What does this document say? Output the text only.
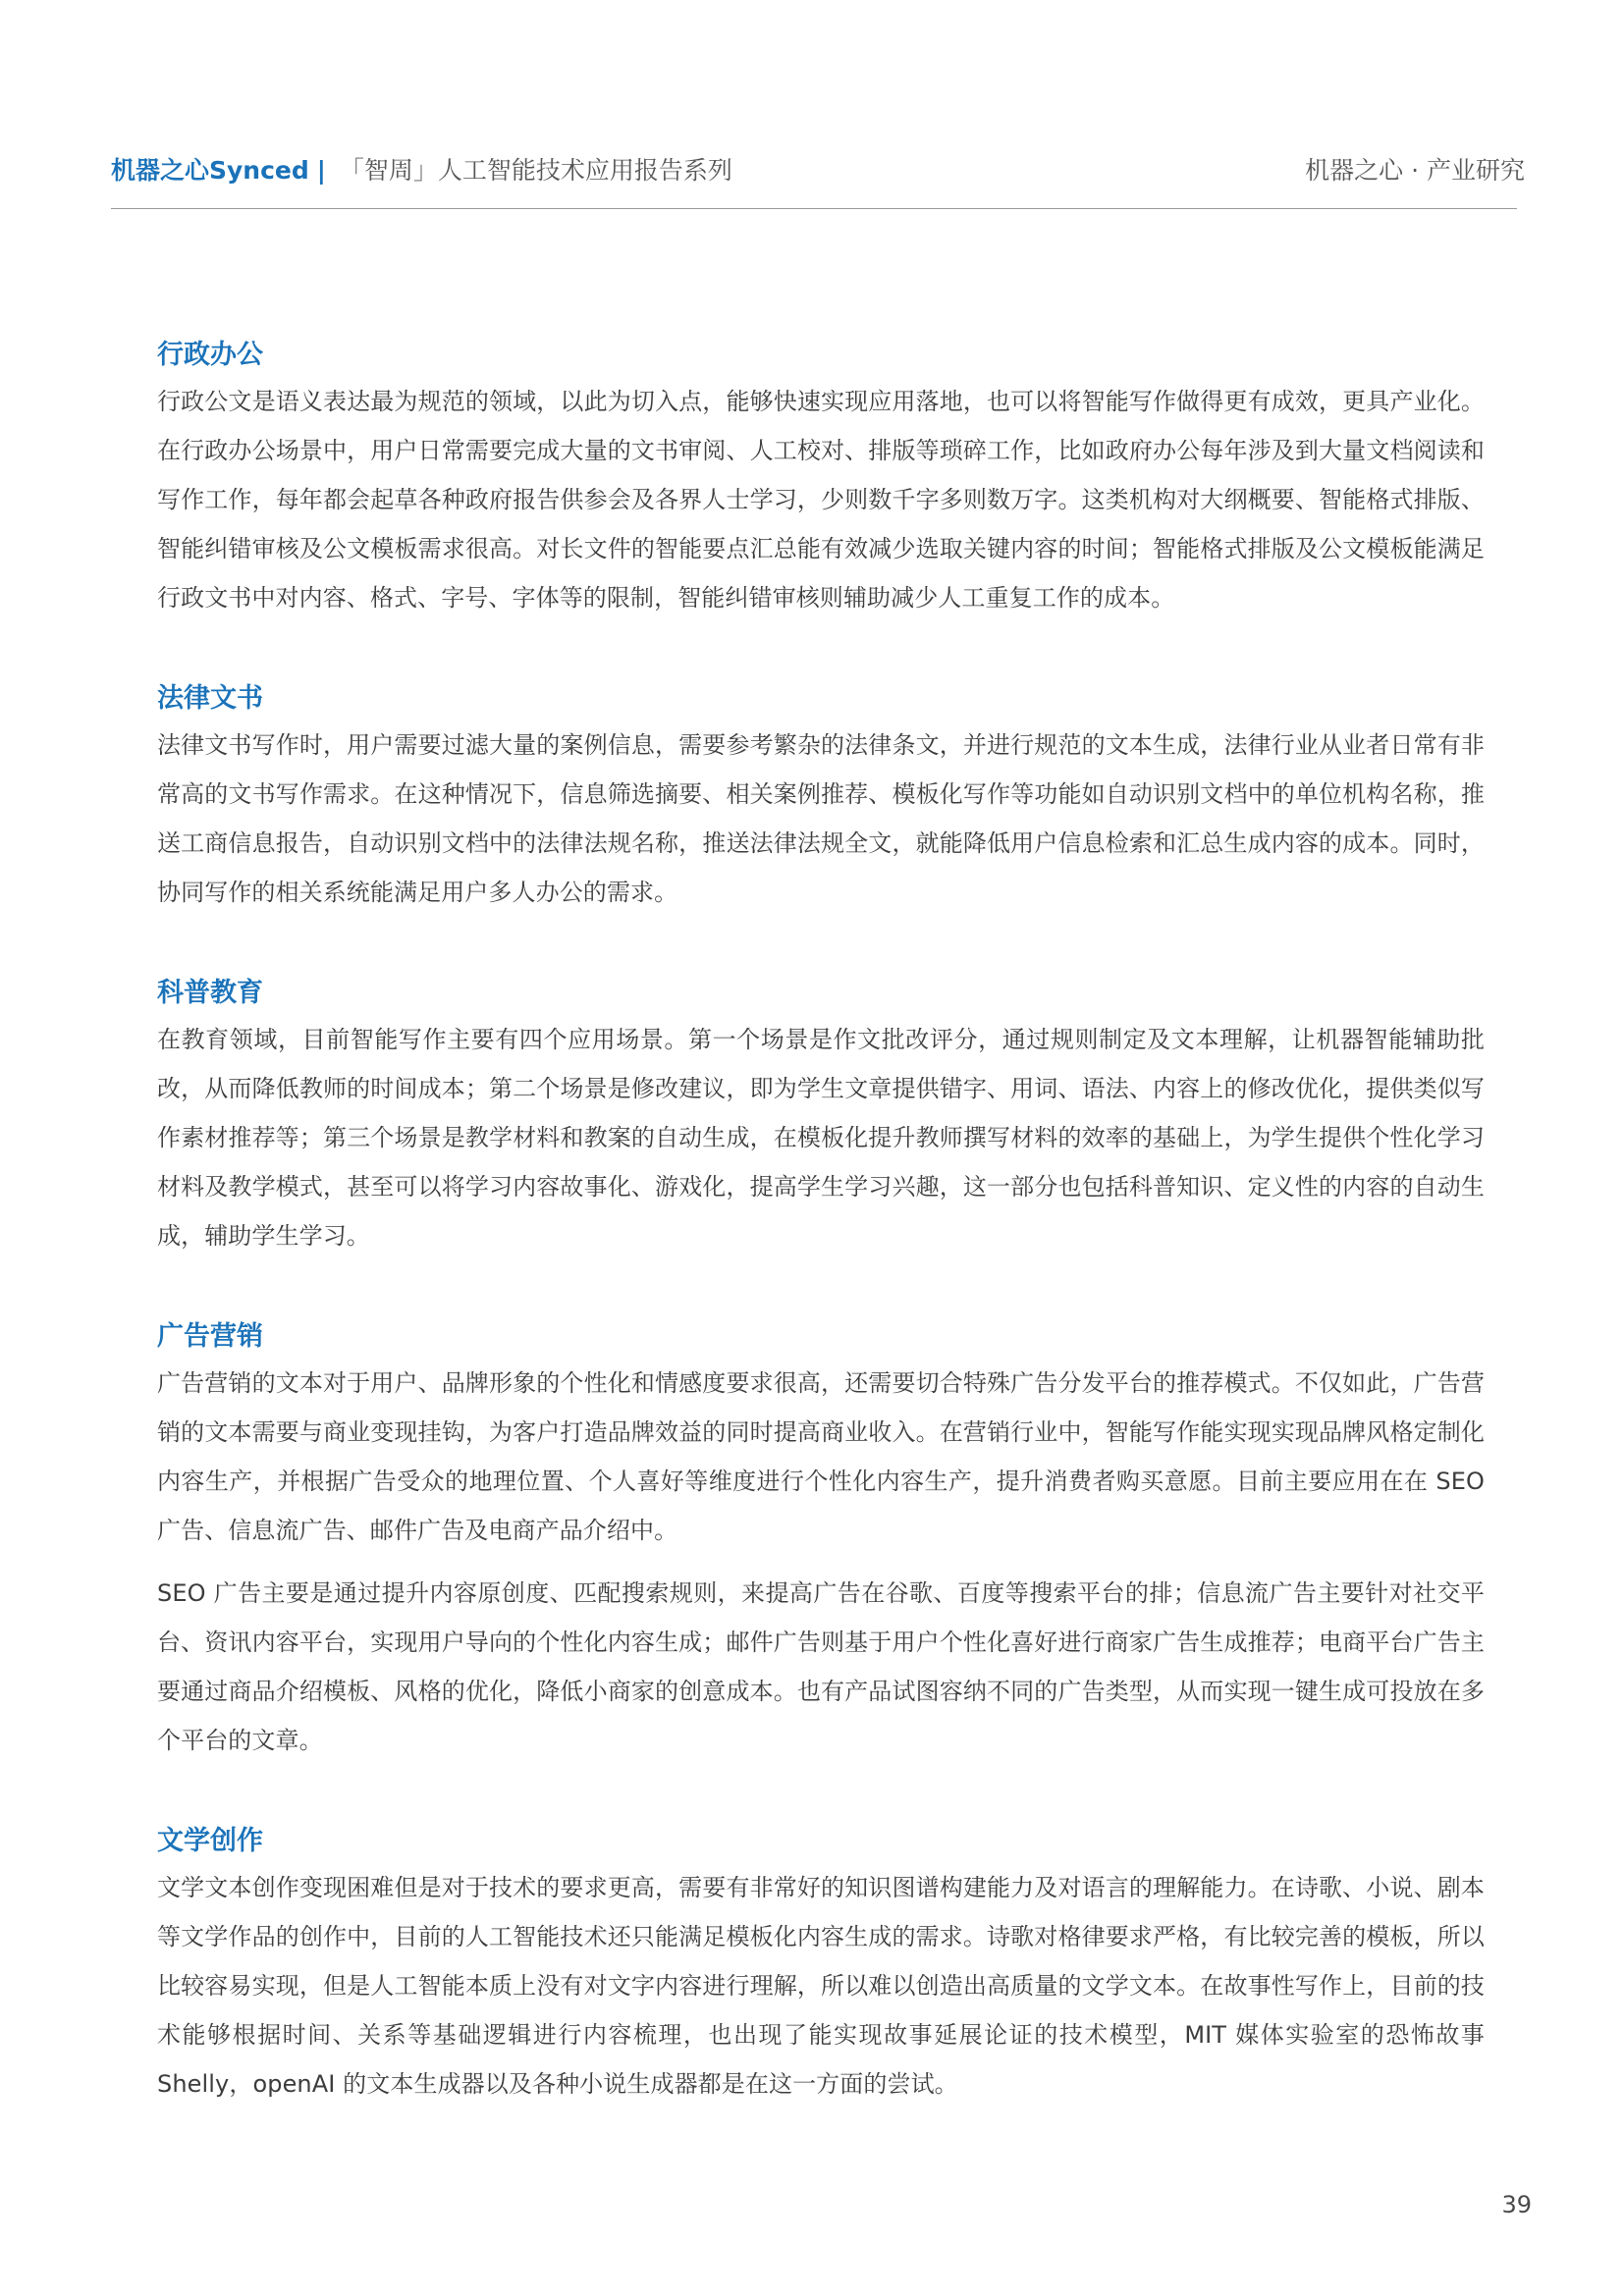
机器之心Synced | 「智周」人工智能技术应用报告系列	机器之心 · 产业研究
行政办公

行政公文是语义表达最为规范的领域，以此为切入点，能够快速实现应用落地，也可以将智能写作做得更有成效，更具产业化。在行政办公场景中，用户日常需要完成大量的文书审阅、人工校对、排版等琐碎工作，比如政府办公每年涉及到大量文档阅读和写作工作，每年都会起草各种政府报告供参会及各界人士学习，少则数千字多则数万字。这类机构对大纲概要、智能格式排版、智能纠错审核及公文模板需求很高。对长文件的智能要点汇总能有效减少选取关键内容的时间；智能格式排版及公文模板能满足行政文书中对内容、格式、字号、字体等的限制，智能纠错审核则辅助减少人工重复工作的成本。

法律文书

法律文书写作时，用户需要过滤大量的案例信息，需要参考繁杂的法律条文，并进行规范的文本生成，法律行业从业者日常有非常高的文书写作需求。在这种情况下，信息筛选摘要、相关案例推荐、模板化写作等功能如自动识别文档中的单位机构名称，推送工商信息报告，自动识别文档中的法律法规名称，推送法律法规全文，就能降低用户信息检索和汇总生成内容的成本。同时，协同写作的相关系统能满足用户多人办公的需求。

科普教育

在教育领域，目前智能写作主要有四个应用场景。第一个场景是作文批改评分，通过规则制定及文本理解，让机器智能辅助批改，从而降低教师的时间成本；第二个场景是修改建议，即为学生文章提供错字、用词、语法、内容上的修改优化，提供类似写作素材推荐等；第三个场景是教学材料和教案的自动生成，在模板化提升教师撰写材料的效率的基础上，为学生提供个性化学习材料及教学模式，甚至可以将学习内容故事化、游戏化，提高学生学习兴趣，这一部分也包括科普知识、定义性的内容的自动生成，辅助学生学习。

广告营销

广告营销的文本对于用户、品牌形象的个性化和情感度要求很高，还需要切合特殊广告分发平台的推荐模式。不仅如此，广告营销的文本需要与商业变现挂钩，为客户打造品牌效益的同时提高商业收入。在营销行业中，智能写作能实现实现品牌风格定制化内容生产，并根据广告受众的地理位置、个人喜好等维度进行个性化内容生产，提升消费者购买意愿。目前主要应用在在 SEO 广告、信息流广告、邮件广告及电商产品介绍中。

SEO 广告主要是通过提升内容原创度、匹配搜索规则，来提高广告在谷歌、百度等搜索平台的排；信息流广告主要针对社交平台、资讯内容平台，实现用户导向的个性化内容生成；邮件广告则基于用户个性化喜好进行商家广告生成推荐；电商平台广告主要通过商品介绍模板、风格的优化，降低小商家的创意成本。也有产品试图容纳不同的广告类型，从而实现一键生成可投放在多个平台的文章。

文学创作

文学文本创作变现困难但是对于技术的要求更高，需要有非常好的知识图谱构建能力及对语言的理解能力。在诗歌、小说、剧本等文学作品的创作中，目前的人工智能技术还只能满足模板化内容生成的需求。诗歌对格律要求严格，有比较完善的模板，所以比较容易实现，但是人工智能本质上没有对文字内容进行理解，所以难以创造出高质量的文学文本。在故事性写作上，目前的技术能够根据时间、关系等基础逻辑进行内容梳理，也出现了能实现故事延展论证的技术模型，MIT 媒体实验室的恐怖故事 Shelly，openAI 的文本生成器以及各种小说生成器都是在这一方面的尝试。

39
